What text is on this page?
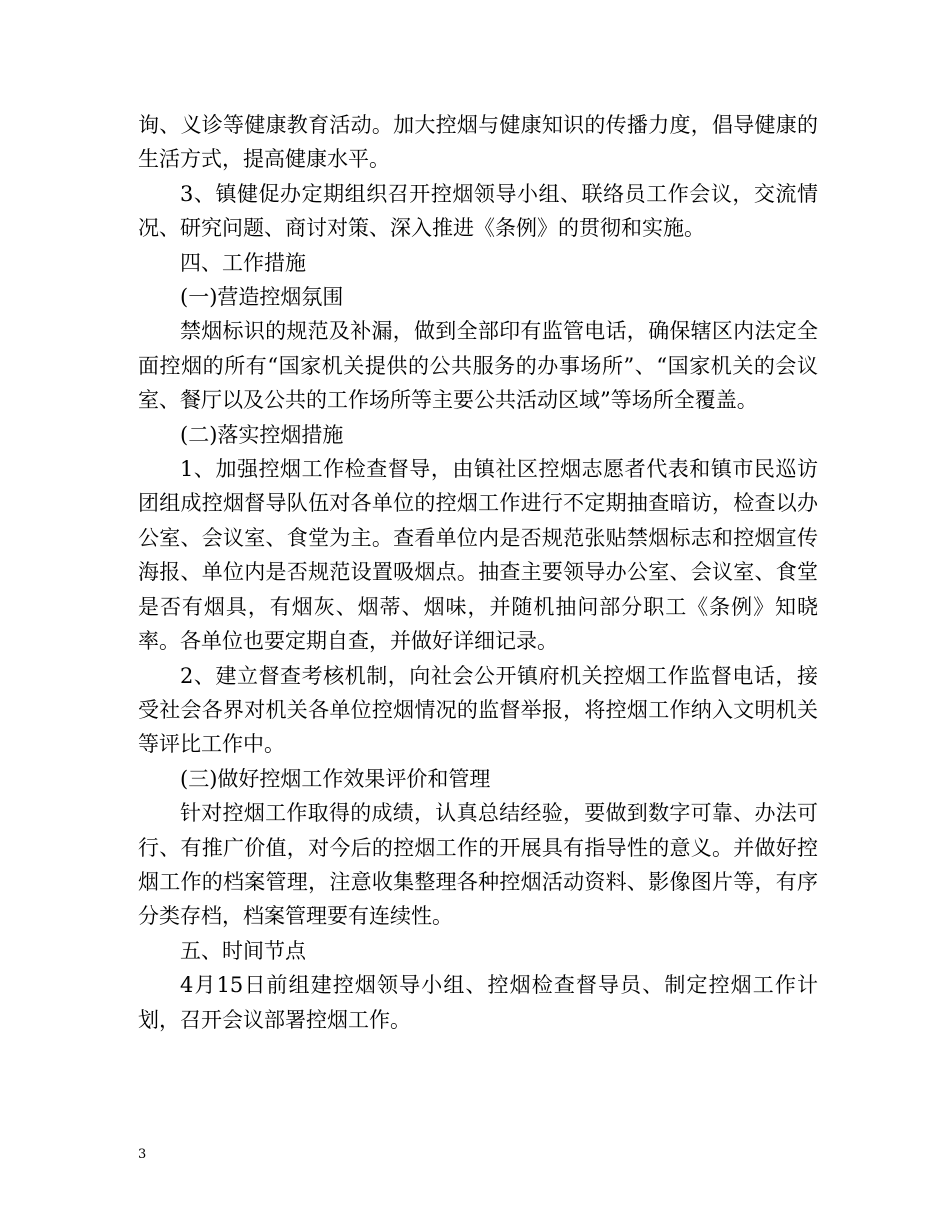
询、义诊等健康教育活动。加大控烟与健康知识的传播力度，倡导健康的生活方式，提高健康水平。

3、镇健促办定期组织召开控烟领导小组、联络员工作会议，交流情况、研究问题、商讨对策、深入推进《条例》的贯彻和实施。

四、工作措施

(一)营造控烟氛围

禁烟标识的规范及补漏，做到全部印有监管电话，确保辖区内法定全面控烟的所有“国家机关提供的公共服务的办事场所”、“国家机关的会议室、餐厅以及公共的工作场所等主要公共活动区域”等场所全覆盖。

(二)落实控烟措施

1、加强控烟工作检查督导，由镇社区控烟志愿者代表和镇市民巡访团组成控烟督导队伍对各单位的控烟工作进行不定期抽查暗访，检查以办公室、会议室、食堂为主。查看单位内是否规范张贴禁烟标志和控烟宣传海报、单位内是否规范设置吸烟点。抽查主要领导办公室、会议室、食堂是否有烟具，有烟灰、烟蒂、烟味，并随机抽问部分职工《条例》知晓率。各单位也要定期自查，并做好详细记录。

2、建立督查考核机制，向社会公开镇府机关控烟工作监督电话，接受社会各界对机关各单位控烟情况的监督举报，将控烟工作纳入文明机关等评比工作中。

(三)做好控烟工作效果评价和管理

针对控烟工作取得的成绩，认真总结经验，要做到数字可靠、办法可行、有推广价值，对今后的控烟工作的开展具有指导性的意义。并做好控烟工作的档案管理，注意收集整理各种控烟活动资料、影像图片等，有序分类存档，档案管理要有连续性。

五、时间节点

4月15日前组建控烟领导小组、控烟检查督导员、制定控烟工作计划，召开会议部署控烟工作。

3
